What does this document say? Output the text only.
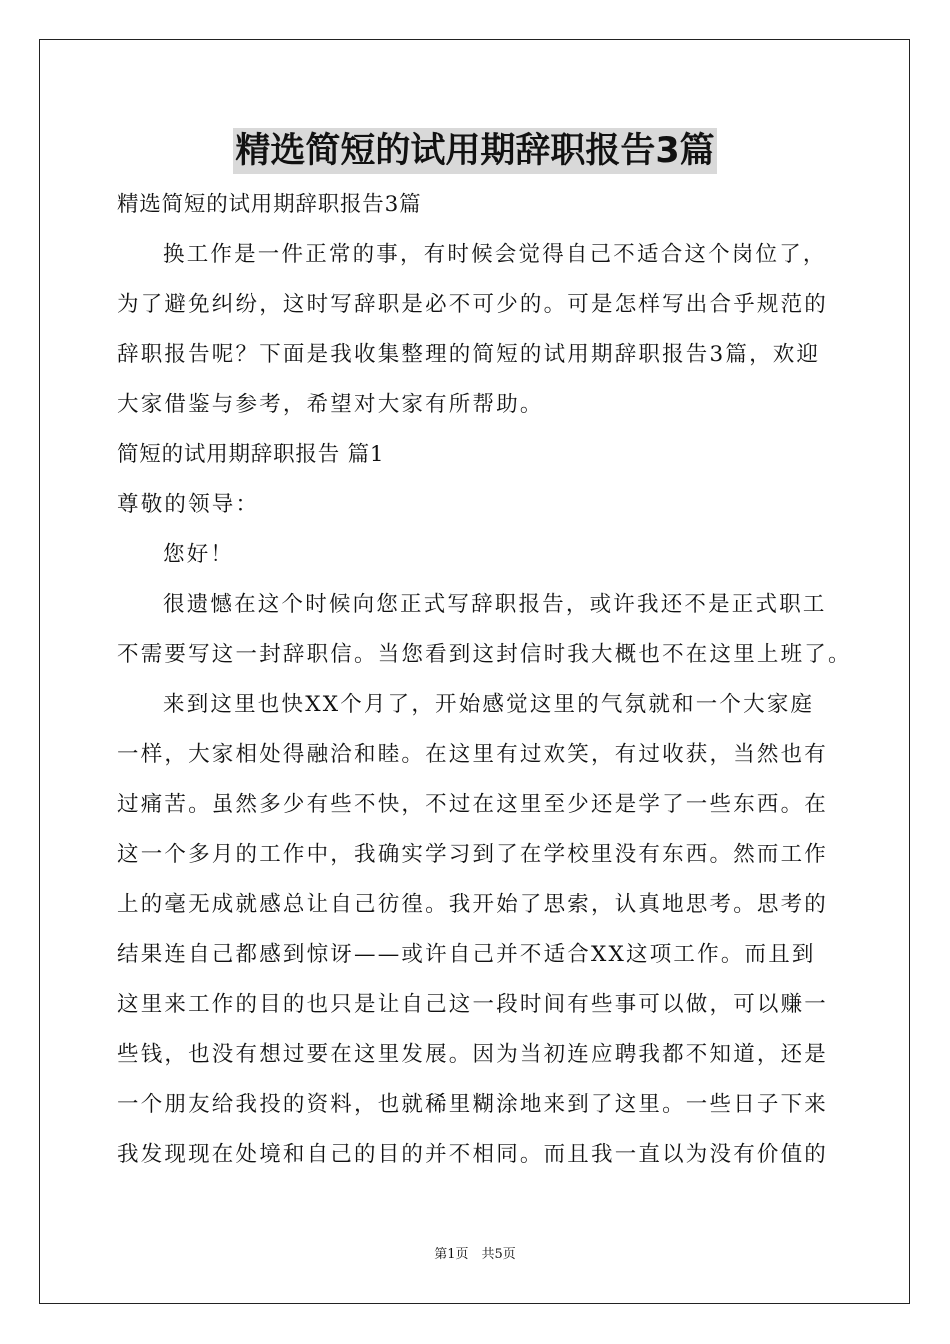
精选简短的试用期辞职报告3篇
精选简短的试用期辞职报告3篇
换工作是一件正常的事，有时候会觉得自己不适合这个岗位了，
为了避免纠纷，这时写辞职是必不可少的。可是怎样写出合乎规范的
辞职报告呢？下面是我收集整理的简短的试用期辞职报告3篇，欢迎
大家借鉴与参考，希望对大家有所帮助。
简短的试用期辞职报告 篇1
尊敬的领导：
您好！
很遗憾在这个时候向您正式写辞职报告，或许我还不是正式职工
不需要写这一封辞职信。当您看到这封信时我大概也不在这里上班了。
来到这里也快XX个月了，开始感觉这里的气氛就和一个大家庭
一样，大家相处得融洽和睦。在这里有过欢笑，有过收获，当然也有
过痛苦。虽然多少有些不快，不过在这里至少还是学了一些东西。在
这一个多月的工作中，我确实学习到了在学校里没有东西。然而工作
上的毫无成就感总让自己彷徨。我开始了思索，认真地思考。思考的
结果连自己都感到惊讶——或许自己并不适合XX这项工作。而且到
这里来工作的目的也只是让自己这一段时间有些事可以做，可以赚一
些钱，也没有想过要在这里发展。因为当初连应聘我都不知道，还是
一个朋友给我投的资料，也就稀里糊涂地来到了这里。一些日子下来
我发现现在处境和自己的目的并不相同。而且我一直以为没有价值的
第1页　共5页
